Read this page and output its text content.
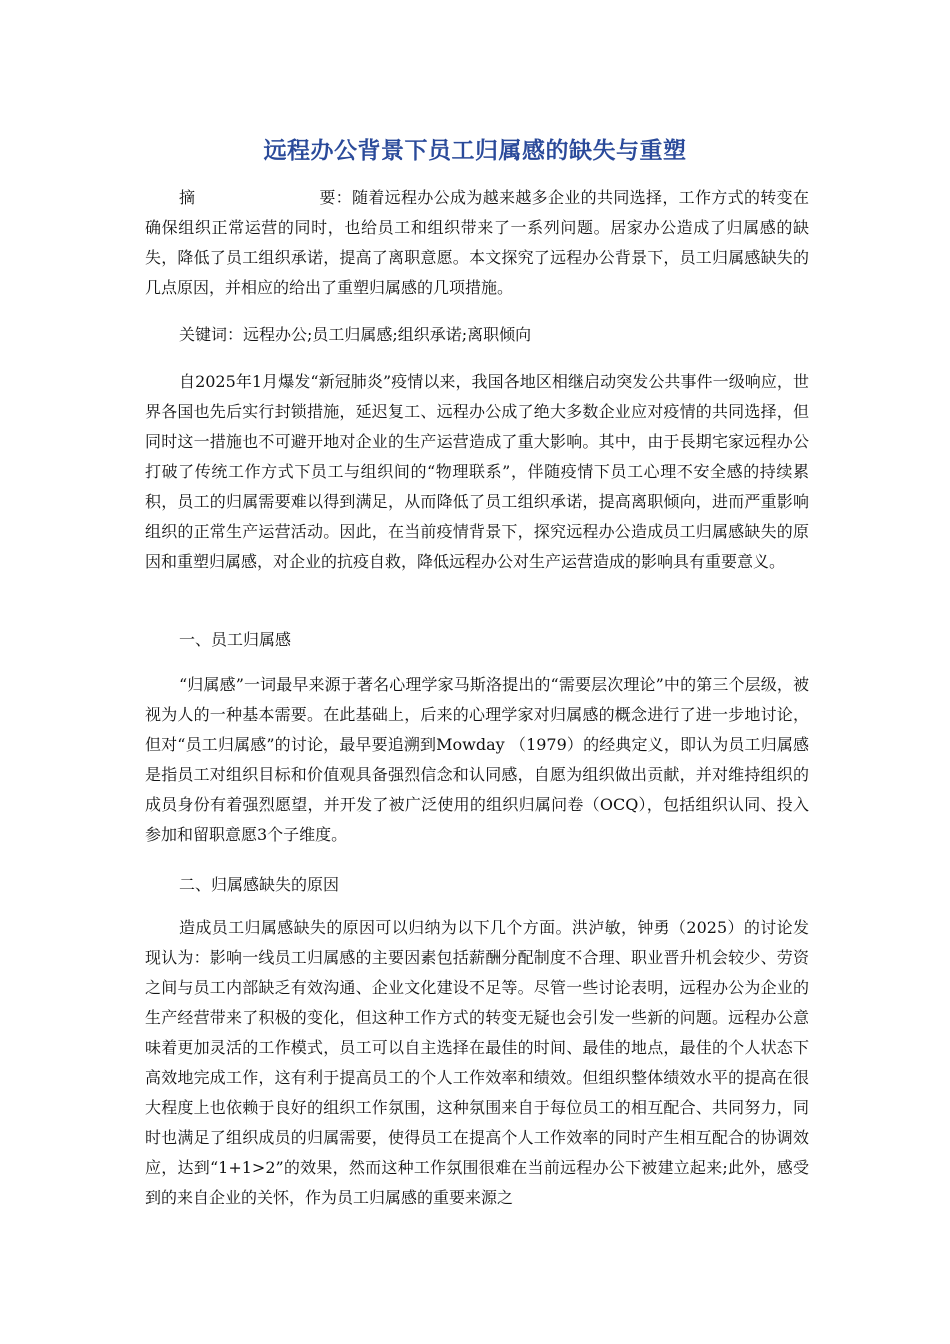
远程办公背景下员工归属感的缺失与重塑

摘	要：随着远程办公成为越来越多企业的共同选择，工作方式的转变在确保组织正常运营的同时，也给员工和组织带来了一系列问题。居家办公造成了归属感的缺失，降低了员工组织承诺，提高了离职意愿。本文探究了远程办公背景下，员工归属感缺失的几点原因，并相应的给出了重塑归属感的几项措施。

关键词：远程办公;员工归属感;组织承诺;离职倾向

自2025年1月爆发“新冠肺炎”疫情以来，我国各地区相继启动突发公共事件一级响应，世界各国也先后实行封锁措施，延迟复工、远程办公成了绝大多数企业应对疫情的共同选择，但同时这一措施也不可避开地对企业的生产运营造成了重大影响。其中，由于長期宅家远程办公打破了传统工作方式下员工与组织间的“物理联系”，伴随疫情下员工心理不安全感的持续累积，员工的归属需要难以得到满足，从而降低了员工组织承诺，提高离职倾向，进而严重影响组织的正常生产运营活动。因此，在当前疫情背景下，探究远程办公造成员工归属感缺失的原因和重塑归属感，对企业的抗疫自救，降低远程办公对生产运营造成的影响具有重要意义。

一、员工归属感

“归属感”一词最早来源于著名心理学家马斯洛提出的“需要层次理论”中的第三个层级，被视为人的一种基本需要。在此基础上，后来的心理学家对归属感的概念进行了进一步地讨论，但对“员工归属感”的讨论，最早要追溯到Mowday （1979）的经典定义，即认为员工归属感是指员工对组织目标和价值观具备强烈信念和认同感，自愿为组织做出贡献，并对维持组织的成员身份有着强烈愿望，并开发了被广泛使用的组织归属问卷（OCQ），包括组织认同、投入参加和留职意愿3个子维度。

二、归属感缺失的原因

造成员工归属感缺失的原因可以归纳为以下几个方面。洪泸敏，钟勇（2025）的讨论发现认为：影响一线员工归属感的主要因素包括薪酬分配制度不合理、职业晋升机会较少、劳资之间与员工内部缺乏有效沟通、企业文化建设不足等。尽管一些讨论表明，远程办公为企业的生产经营带来了积极的变化，但这种工作方式的转变无疑也会引发一些新的问题。远程办公意味着更加灵活的工作模式，员工可以自主选择在最佳的时间、最佳的地点，最佳的个人状态下高效地完成工作，这有利于提高员工的个人工作效率和绩效。但组织整体绩效水平的提高在很大程度上也依赖于良好的组织工作氛围，这种氛围来自于每位员工的相互配合、共同努力，同时也满足了组织成员的归属需要，使得员工在提高个人工作效率的同时产生相互配合的协调效应，达到“1+1>2”的效果，然而这种工作氛围很难在当前远程办公下被建立起来;此外，感受到的来自企业的关怀，作为员工归属感的重要来源之
